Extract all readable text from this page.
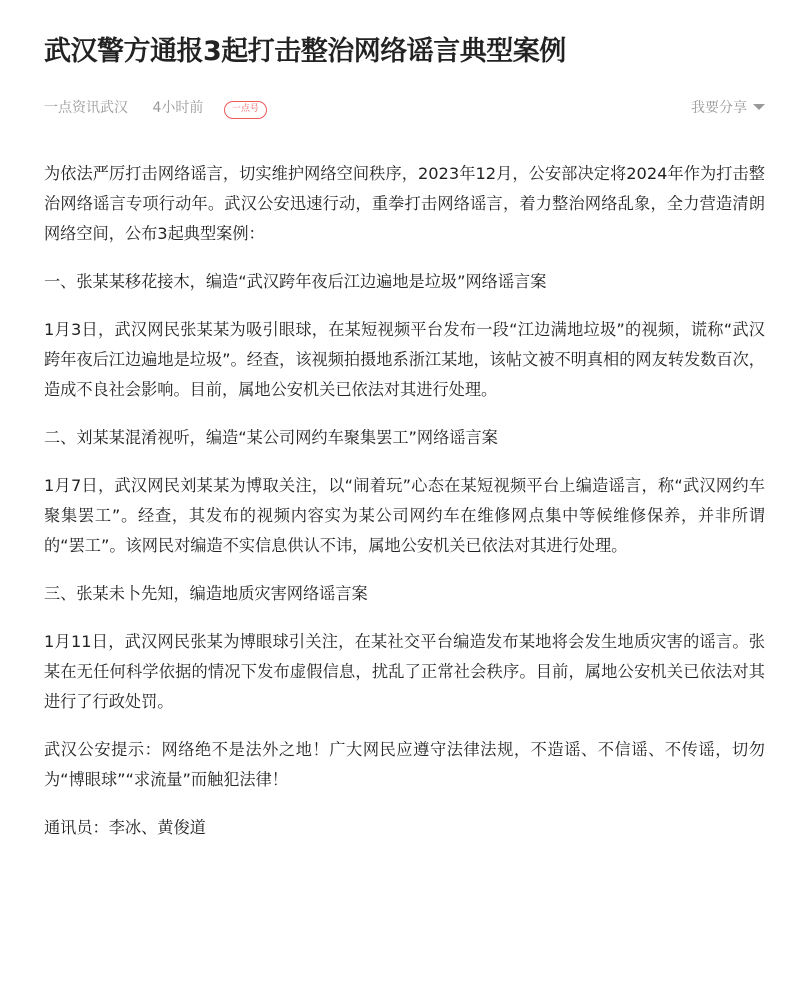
武汉警方通报3起打击整治网络谣言典型案例
一点资讯武汉 4小时前	一点号	我要分享

为依法严厉打击网络谣言，切实维护网络空间秩序，2023年12月，公安部决定将2024年作为打击整治网络谣言专项行动年。武汉公安迅速行动，重拳打击网络谣言，着力整治网络乱象，全力营造清朗网络空间，公布3起典型案例：

一、张某某移花接木，编造“武汉跨年夜后江边遍地是垃圾”网络谣言案

1月3日，武汉网民张某某为吸引眼球，在某短视频平台发布一段“江边满地垃圾”的视频，谎称“武汉跨年夜后江边遍地是垃圾”。经查，该视频拍摄地系浙江某地，该帖文被不明真相的网友转发数百次，造成不良社会影响。目前，属地公安机关已依法对其进行处理。

二、刘某某混淆视听，编造“某公司网约车聚集罢工”网络谣言案

1月7日，武汉网民刘某某为博取关注，以“闹着玩”心态在某短视频平台上编造谣言，称“武汉网约车聚集罢工”。经查，其发布的视频内容实为某公司网约车在维修网点集中等候维修保养，并非所谓的“罢工”。该网民对编造不实信息供认不讳，属地公安机关已依法对其进行处理。

三、张某未卜先知，编造地质灾害网络谣言案

1月11日，武汉网民张某为博眼球引关注，在某社交平台编造发布某地将会发生地质灾害的谣言。张某在无任何科学依据的情况下发布虚假信息，扰乱了正常社会秩序。目前，属地公安机关已依法对其进行了行政处罚。

武汉公安提示：网络绝不是法外之地！广大网民应遵守法律法规，不造谣、不信谣、不传谣，切勿为“博眼球”“求流量”而触犯法律！

通讯员：李冰、黄俊道
